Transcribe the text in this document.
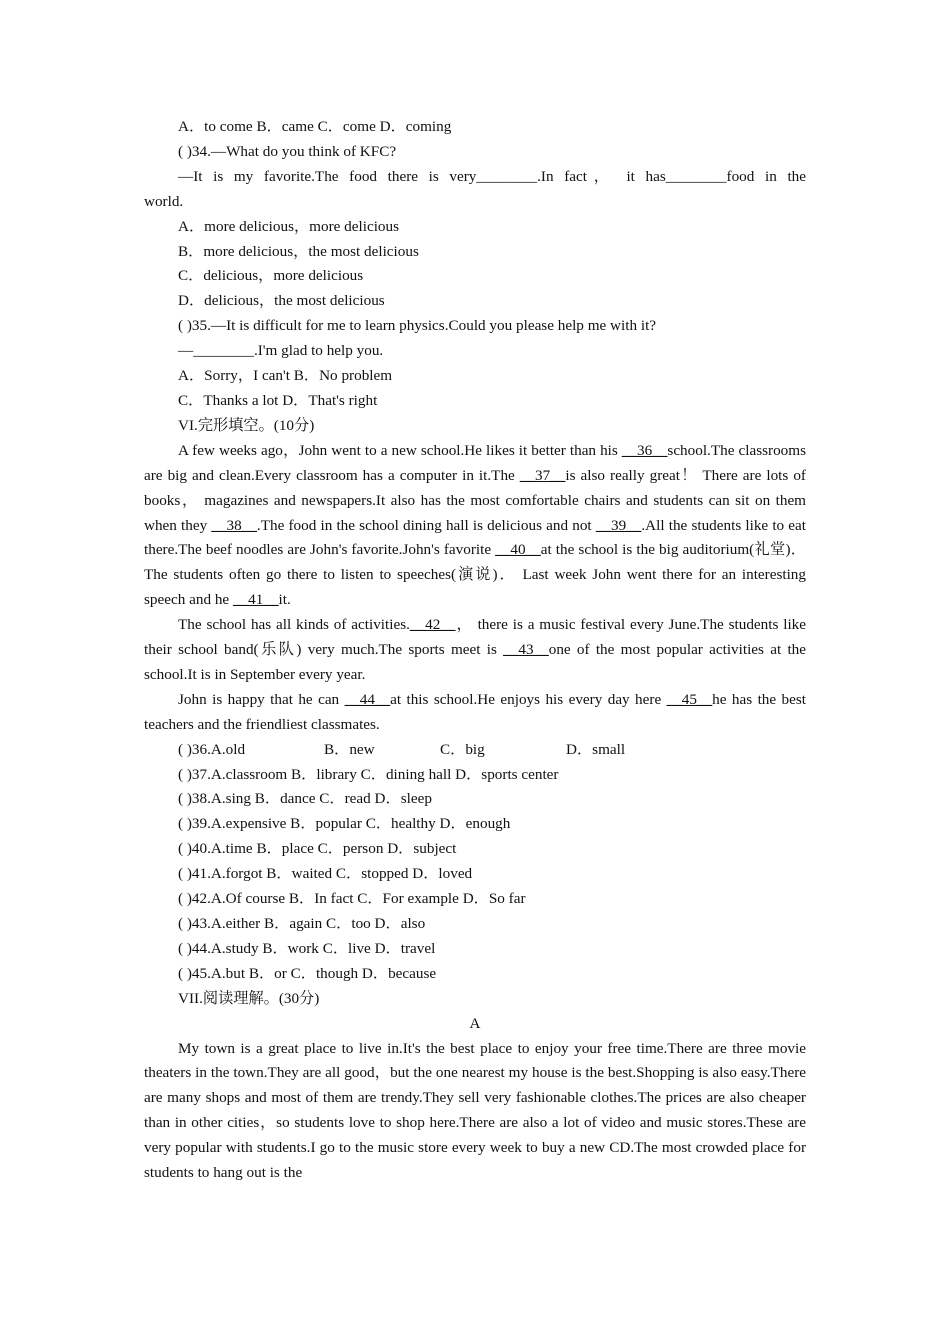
A．to come B．came C．come D．coming
( )34.—What do you think of KFC?
—It is my favorite.The food there is very________.In fact， it has________food in the
world.
A．more delicious，more delicious
B．more delicious，the most delicious
C．delicious，more delicious
D．delicious，the most delicious
( )35.—It is difficult for me to learn physics.Could you please help me with it?
—________.I'm glad to help you.
A．Sorry，I can't B．No problem
C．Thanks a lot D．That's right
VI.完形填空。(10分)
A few weeks ago，John went to a new school.He likes it better than his __36__school.The classrooms are big and clean.Every classroom has a computer in it.The __37__is also really great！ There are lots of books， magazines and newspapers.It also has the most comfortable chairs and students can sit on them when they __38__.The food in the school dining hall is delicious and not __39__.All the students like to eat there.The beef noodles are John's favorite.John's favorite __40__at the school is the big auditorium(礼堂)． The students often go there to listen to speeches(演说)． Last week John went there for an interesting speech and he __41__it.
The school has all kinds of activities.__42__， there is a music festival every June.The students like their school band(乐队) very much.The sports meet is __43__one of the most popular activities at the school.It is in September every year.
John is happy that he can __44__at this school.He enjoys his every day here __45__he has the best teachers and the friendliest classmates.
( )36.A.old	B．new	C．big	D．small
( )37.A.classroom B．library C．dining hall D．sports center
( )38.A.sing B．dance C．read D．sleep
( )39.A.expensive B．popular C．healthy D．enough
( )40.A.time B．place C．person D．subject
( )41.A.forgot B．waited C．stopped D．loved
( )42.A.Of course B．In fact C．For example D．So far
( )43.A.either B．again C．too D．also
( )44.A.study B．work C．live D．travel
( )45.A.but B．or C．though D．because
VII.阅读理解。(30分)
A
My town is a great place to live in.It's the best place to enjoy your free time.There are three movie theaters in the town.They are all good，but the one nearest my house is the best.Shopping is also easy.There are many shops and most of them are trendy.They sell very fashionable clothes.The prices are also cheaper than in other cities，so students love to shop here.There are also a lot of video and music stores.These are very popular with students.I go to the music store every week to buy a new CD.The most crowded place for students to hang out is the
